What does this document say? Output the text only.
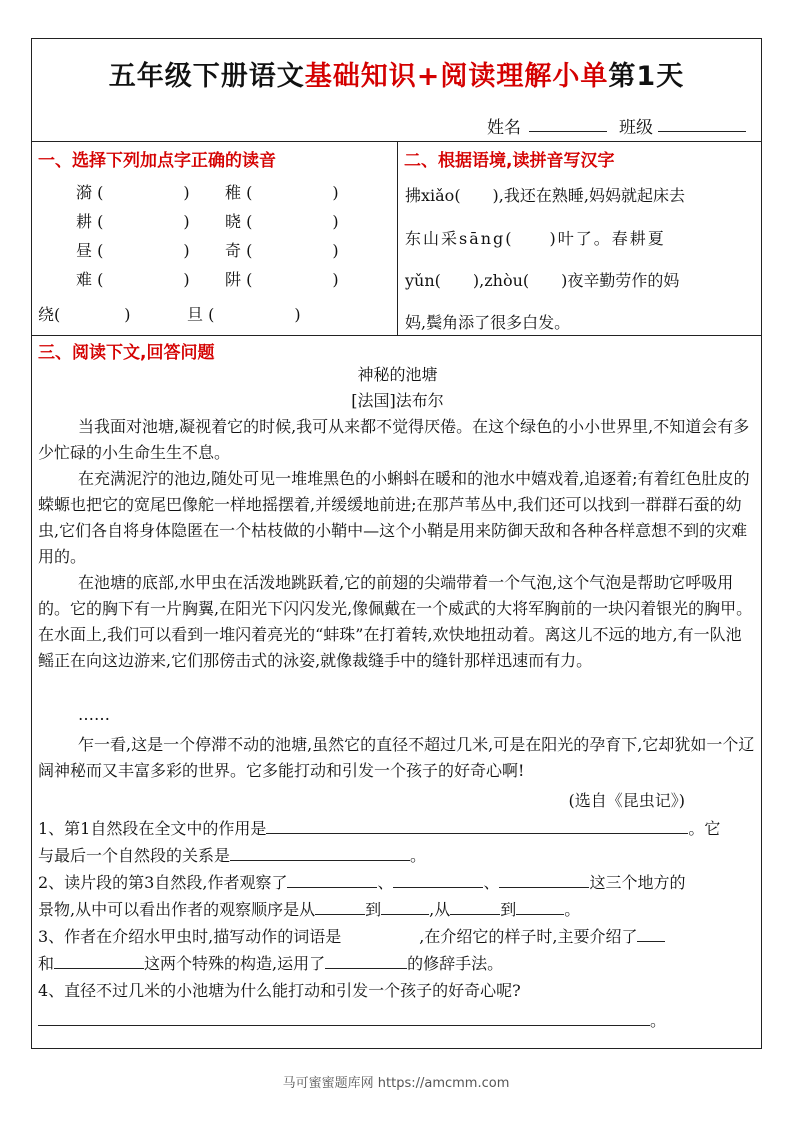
五年级下册语文 基础知识+阅读理解小单 第1天
姓名	班级
一、选择下列加点字正确的读音
漪 (　　　　　) 稚 (　　　　　)
耕 (　　　　　) 晓 (　　　　　)
昼 (　　　　　) 奇 (　　　　　)
难 (　　　　　) 阱 (　　　　　)
绕(　　　　)	旦 (　　　　　)
二、根据语境,读拼音写汉字
拂xiǎo(　　),我还在熟睡,妈妈就起床去
东山采sāng(　　)叶了。春耕夏
yǔn(　　),zhòu(　　)夜辛勤劳作的妈
妈,鬓角添了很多白发。
三、阅读下文,回答问题
神秘的池塘
[法国]法布尔
当我面对池塘,凝视着它的时候,我可从来都不觉得厌倦。在这个绿色的小小世界里,不知道会有多少忙碌的小生命生生不息。
在充满泥泞的池边,随处可见一堆堆黑色的小蝌蚪在暖和的池水中嬉戏着,追逐着;有着红色肚皮的蝾螈也把它的宽尾巴像舵一样地摇摆着,并缓缓地前进;在那芦苇丛中,我们还可以找到一群群石蚕的幼虫,它们各自将身体隐匿在一个枯枝做的小鞘中—这个小鞘是用来防御天敌和各种各样意想不到的灾难用的。
在池塘的底部,水甲虫在活泼地跳跃着,它的前翅的尖端带着一个气泡,这个气泡是帮助它呼吸用的。它的胸下有一片胸翼,在阳光下闪闪发光,像佩戴在一个威武的大将军胸前的一块闪着银光的胸甲。在水面上,我们可以看到一堆闪着亮光的“蚌珠”在打着转,欢快地扭动着。离这儿不远的地方,有一队池鳐正在向这边游来,它们那傍击式的泳姿,就像裁缝手中的缝针那样迅速而有力。
……
乍一看,这是一个停滞不动的池塘,虽然它的直径不超过几米,可是在阳光的孕育下,它却犹如一个辽阔神秘而又丰富多彩的世界。它多能打动和引发一个孩子的好奇心啊!
(选自《昆虫记》)
1、第1自然段在全文中的作用是	。它
与最后一个自然段的关系是	。
2、读片段的第3自然段,作者观察了	、	、	这三个地方的
景物,从中可以看出作者的观察顺序是从	到	,从	到	。
3、作者在介绍水甲虫时,描写动作的词语是	,在介绍它的样子时,主要介绍了
和	这两个特殊的构造,运用了	的修辞手法。
4、直径不过几米的小池塘为什么能打动和引发一个孩子的好奇心呢?
。
马可蜜蜜题库网 https://amcmm.com
